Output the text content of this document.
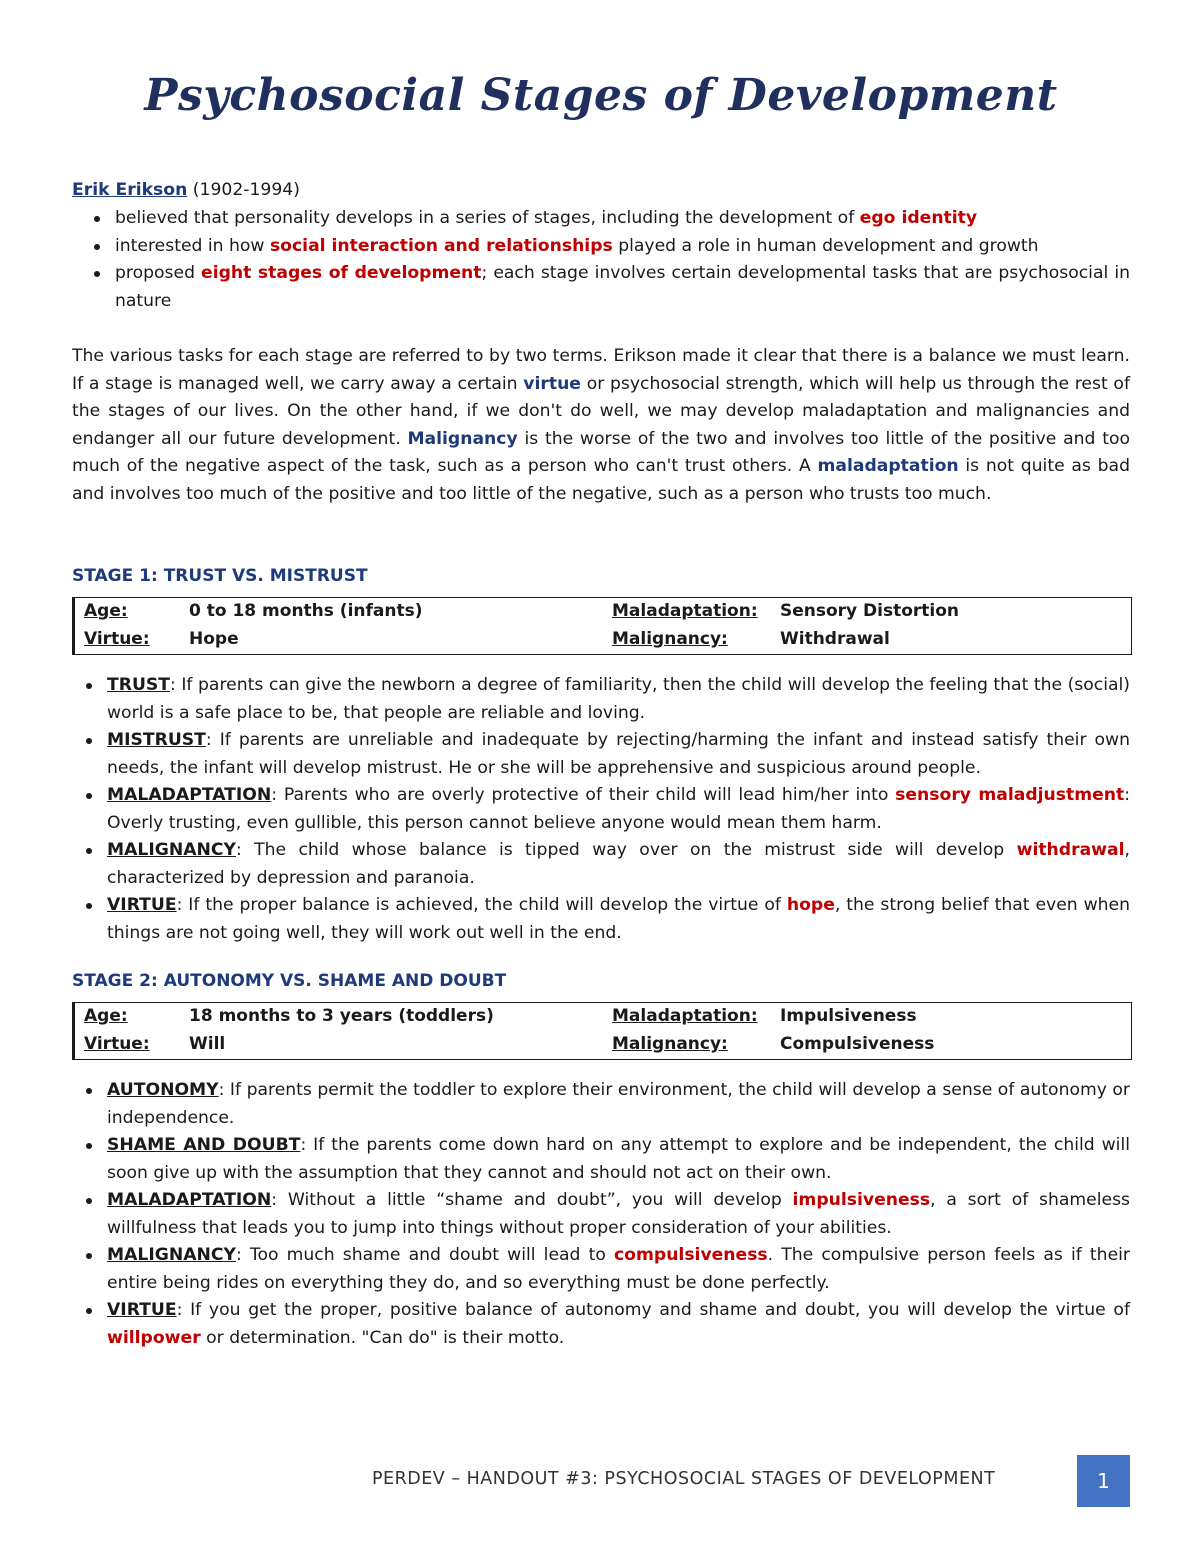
Psychosocial Stages of Development
Erik Erikson (1902-1994)
believed that personality develops in a series of stages, including the development of ego identity
interested in how social interaction and relationships played a role in human development and growth
proposed eight stages of development; each stage involves certain developmental tasks that are psychosocial in nature

The various tasks for each stage are referred to by two terms. Erikson made it clear that there is a balance we must learn. If a stage is managed well, we carry away a certain virtue or psychosocial strength, which will help us through the rest of the stages of our lives. On the other hand, if we don't do well, we may develop maladaptation and malignancies and endanger all our future development. Malignancy is the worse of the two and involves too little of the positive and too much of the negative aspect of the task, such as a person who can't trust others. A maladaptation is not quite as bad and involves too much of the positive and too little of the negative, such as a person who trusts too much.

STAGE 1: TRUST VS. MISTRUST
Age:	0 to 18 months (infants)	Maladaptation: Sensory Distortion
Virtue: Hope	Malignancy:	Withdrawal
TRUST: If parents can give the newborn a degree of familiarity, then the child will develop the feeling that the (social) world is a safe place to be, that people are reliable and loving.
MISTRUST: If parents are unreliable and inadequate by rejecting/harming the infant and instead satisfy their own needs, the infant will develop mistrust. He or she will be apprehensive and suspicious around people.
MALADAPTATION: Parents who are overly protective of their child will lead him/her into sensory maladjustment: Overly trusting, even gullible, this person cannot believe anyone would mean them harm.
MALIGNANCY: The child whose balance is tipped way over on the mistrust side will develop withdrawal, characterized by depression and paranoia.
VIRTUE: If the proper balance is achieved, the child will develop the virtue of hope, the strong belief that even when things are not going well, they will work out well in the end.
STAGE 2: AUTONOMY VS. SHAME AND DOUBT
Age:	18 months to 3 years (toddlers)	Maladaptation: Impulsiveness
Virtue: Will	Malignancy:	Compulsiveness
AUTONOMY: If parents permit the toddler to explore their environment, the child will develop a sense of autonomy or independence.
SHAME AND DOUBT: If the parents come down hard on any attempt to explore and be independent, the child will soon give up with the assumption that they cannot and should not act on their own.
MALADAPTATION: Without a little “shame and doubt”, you will develop impulsiveness, a sort of shameless willfulness that leads you to jump into things without proper consideration of your abilities.
MALIGNANCY: Too much shame and doubt will lead to compulsiveness. The compulsive person feels as if their entire being rides on everything they do, and so everything must be done perfectly.
VIRTUE: If you get the proper, positive balance of autonomy and shame and doubt, you will develop the virtue of willpower or determination. "Can do" is their motto.
PERDEV – HANDOUT #3: PSYCHOSOCIAL STAGES OF DEVELOPMENT	1
